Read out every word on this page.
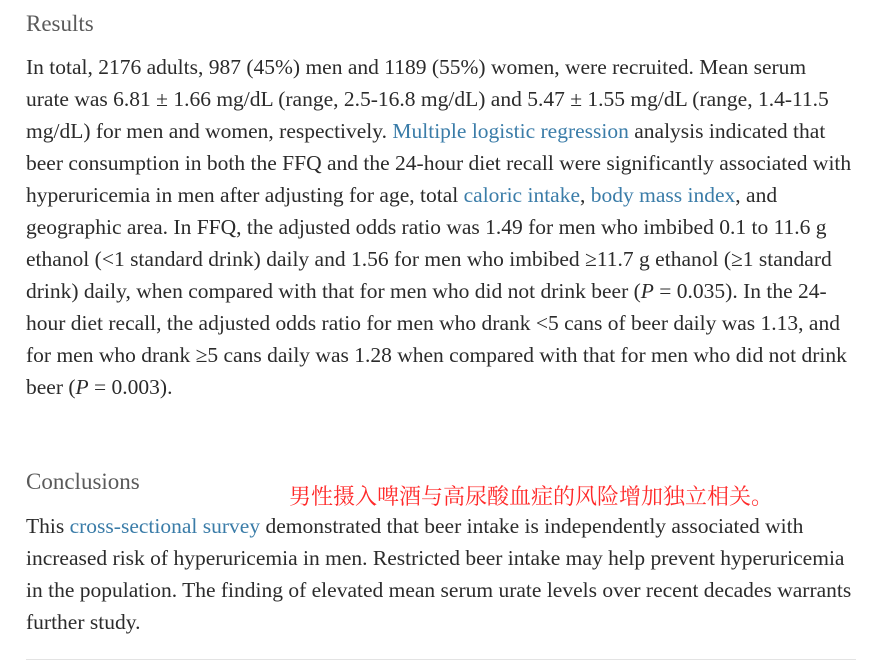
Results

In total, 2176 adults, 987 (45%) men and 1189 (55%) women, were recruited. Mean serum urate was 6.81 ± 1.66 mg/dL (range, 2.5-16.8 mg/dL) and 5.47 ± 1.55 mg/dL (range, 1.4-11.5 mg/dL) for men and women, respectively. Multiple logistic regression analysis indicated that beer consumption in both the FFQ and the 24-hour diet recall were significantly associated with hyperuricemia in men after adjusting for age, total caloric intake, body mass index, and geographic area. In FFQ, the adjusted odds ratio was 1.49 for men who imbibed 0.1 to 11.6 g ethanol (<1 standard drink) daily and 1.56 for men who imbibed ≥11.7 g ethanol (≥1 standard drink) daily, when compared with that for men who did not drink beer (P = 0.035). In the 24-hour diet recall, the adjusted odds ratio for men who drank <5 cans of beer daily was 1.13, and for men who drank ≥5 cans daily was 1.28 when compared with that for men who did not drink beer (P = 0.003).

Conclusions
男性摄入啤酒与高尿酸血症的风险增加独立相关。

This cross-sectional survey demonstrated that beer intake is independently associated with increased risk of hyperuricemia in men. Restricted beer intake may help prevent hyperuricemia in the population. The finding of elevated mean serum urate levels over recent decades warrants further study.
